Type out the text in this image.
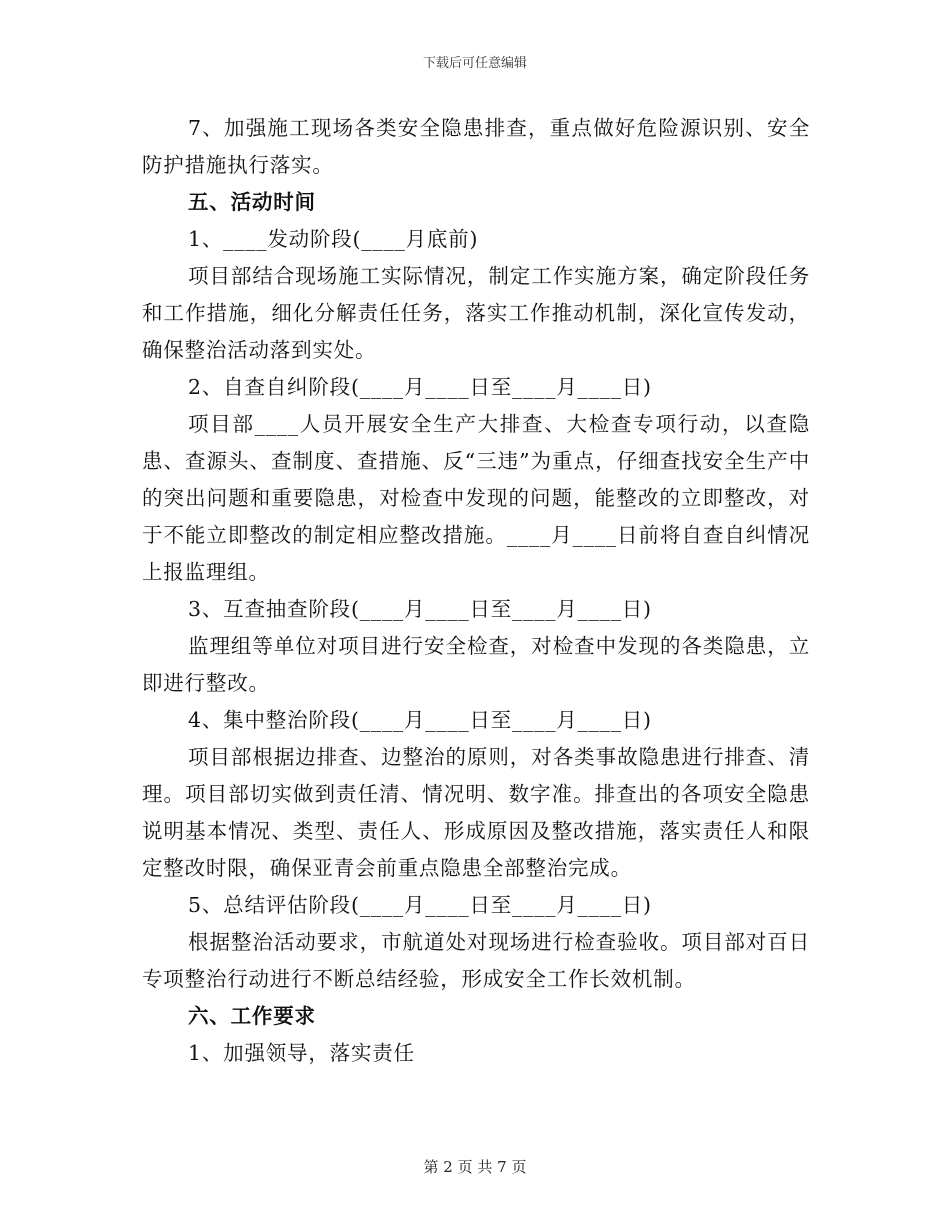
下载后可任意编辑

7、加强施工现场各类安全隐患排查，重点做好危险源识别、安全防护措施执行落实。

五、活动时间

1、____发动阶段(____月底前)

项目部结合现场施工实际情况，制定工作实施方案，确定阶段任务和工作措施，细化分解责任任务，落实工作推动机制，深化宣传发动，确保整治活动落到实处。

2、自查自纠阶段(____月____日至____月____日)

项目部____人员开展安全生产大排查、大检查专项行动，以查隐患、查源头、查制度、查措施、反“三违”为重点，仔细查找安全生产中的突出问题和重要隐患，对检查中发现的问题，能整改的立即整改，对于不能立即整改的制定相应整改措施。____月____日前将自查自纠情况上报监理组。

3、互查抽查阶段(____月____日至____月____日)

监理组等单位对项目进行安全检查，对检查中发现的各类隐患，立即进行整改。

4、集中整治阶段(____月____日至____月____日)

项目部根据边排查、边整治的原则，对各类事故隐患进行排查、清理。项目部切实做到责任清、情况明、数字准。排查出的各项安全隐患说明基本情况、类型、责任人、形成原因及整改措施，落实责任人和限定整改时限，确保亚青会前重点隐患全部整治完成。

5、总结评估阶段(____月____日至____月____日)

根据整治活动要求，市航道处对现场进行检查验收。项目部对百日专项整治行动进行不断总结经验，形成安全工作长效机制。

六、工作要求

1、加强领导，落实责任

第 2 页 共 7 页
